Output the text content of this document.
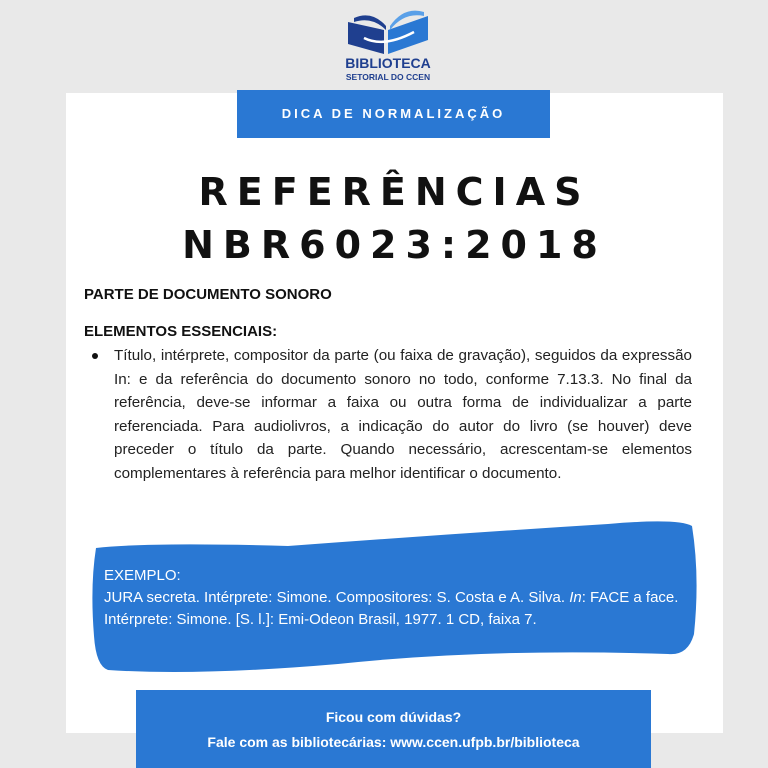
BIBLIOTECA
SETORIAL DO CCEN
DICA DE NORMALIZAÇÃO
REFERÊNCIAS
NBR6023:2018
PARTE DE DOCUMENTO SONORO
ELEMENTOS ESSENCIAIS:
Título, intérprete, compositor da parte (ou faixa de gravação), seguidos da expressão In: e da referência do documento sonoro no todo, conforme 7.13.3. No final da referência, deve-se informar a faixa ou outra forma de individualizar a parte referenciada. Para audiolivros, a indicação do autor do livro (se houver) deve preceder o título da parte. Quando necessário, acrescentam-se elementos complementares à referência para melhor identificar o documento.
EXEMPLO:
JURA secreta. Intérprete: Simone. Compositores: S. Costa e A. Silva. In: FACE a face. Intérprete: Simone. [S. l.]: Emi-Odeon Brasil, 1977. 1 CD, faixa 7.
Ficou com dúvidas?
Fale com as bibliotecárias: www.ccen.ufpb.br/biblioteca
